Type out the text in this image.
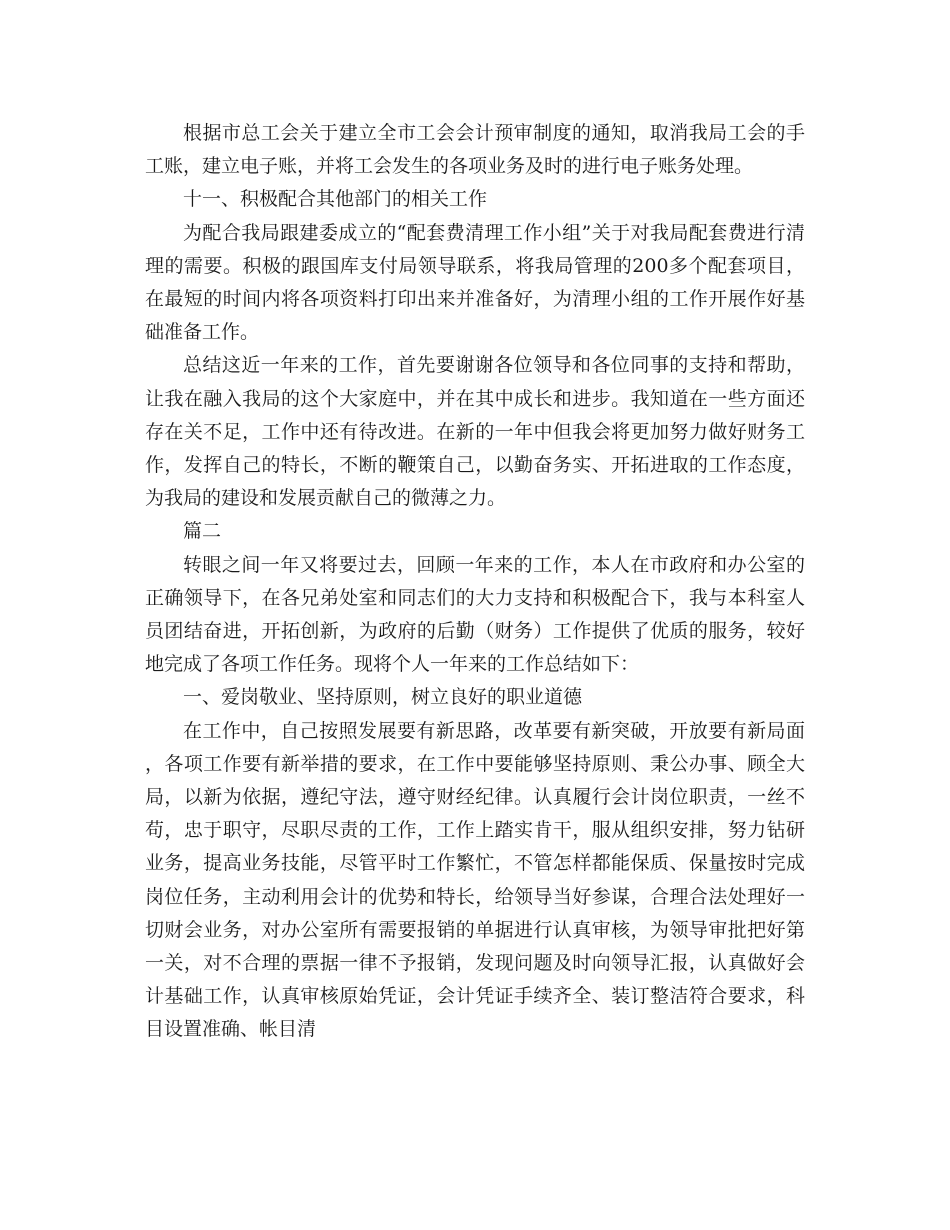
根据市总工会关于建立全市工会会计预审制度的通知，取消我局工会的手工账，建立电子账，并将工会发生的各项业务及时的进行电子账务处理。

十一、积极配合其他部门的相关工作

为配合我局跟建委成立的“配套费清理工作小组”关于对我局配套费进行清理的需要。积极的跟国库支付局领导联系，将我局管理的200多个配套项目，在最短的时间内将各项资料打印出来并准备好，为清理小组的工作开展作好基础准备工作。

总结这近一年来的工作，首先要谢谢各位领导和各位同事的支持和帮助，让我在融入我局的这个大家庭中，并在其中成长和进步。我知道在一些方面还存在关不足，工作中还有待改进。在新的一年中但我会将更加努力做好财务工作，发挥自己的特长，不断的鞭策自己，以勤奋务实、开拓进取的工作态度，为我局的建设和发展贡献自己的微薄之力。

篇二

转眼之间一年又将要过去，回顾一年来的工作，本人在市政府和办公室的正确领导下，在各兄弟处室和同志们的大力支持和积极配合下，我与本科室人员团结奋进，开拓创新，为政府的后勤（财务）工作提供了优质的服务，较好地完成了各项工作任务。现将个人一年来的工作总结如下：

一、爱岗敬业、坚持原则，树立良好的职业道德

在工作中，自己按照发展要有新思路，改革要有新突破，开放要有新局面，各项工作要有新举措的要求，在工作中要能够坚持原则、秉公办事、顾全大局，以新为依据，遵纪守法，遵守财经纪律。认真履行会计岗位职责，一丝不苟，忠于职守，尽职尽责的工作，工作上踏实肯干，服从组织安排，努力钻研业务，提高业务技能，尽管平时工作繁忙，不管怎样都能保质、保量按时完成岗位任务，主动利用会计的优势和特长，给领导当好参谋，合理合法处理好一切财会业务，对办公室所有需要报销的单据进行认真审核，为领导审批把好第一关，对不合理的票据一律不予报销，发现问题及时向领导汇报，认真做好会计基础工作，认真审核原始凭证，会计凭证手续齐全、装订整洁符合要求，科目设置准确、帐目清
